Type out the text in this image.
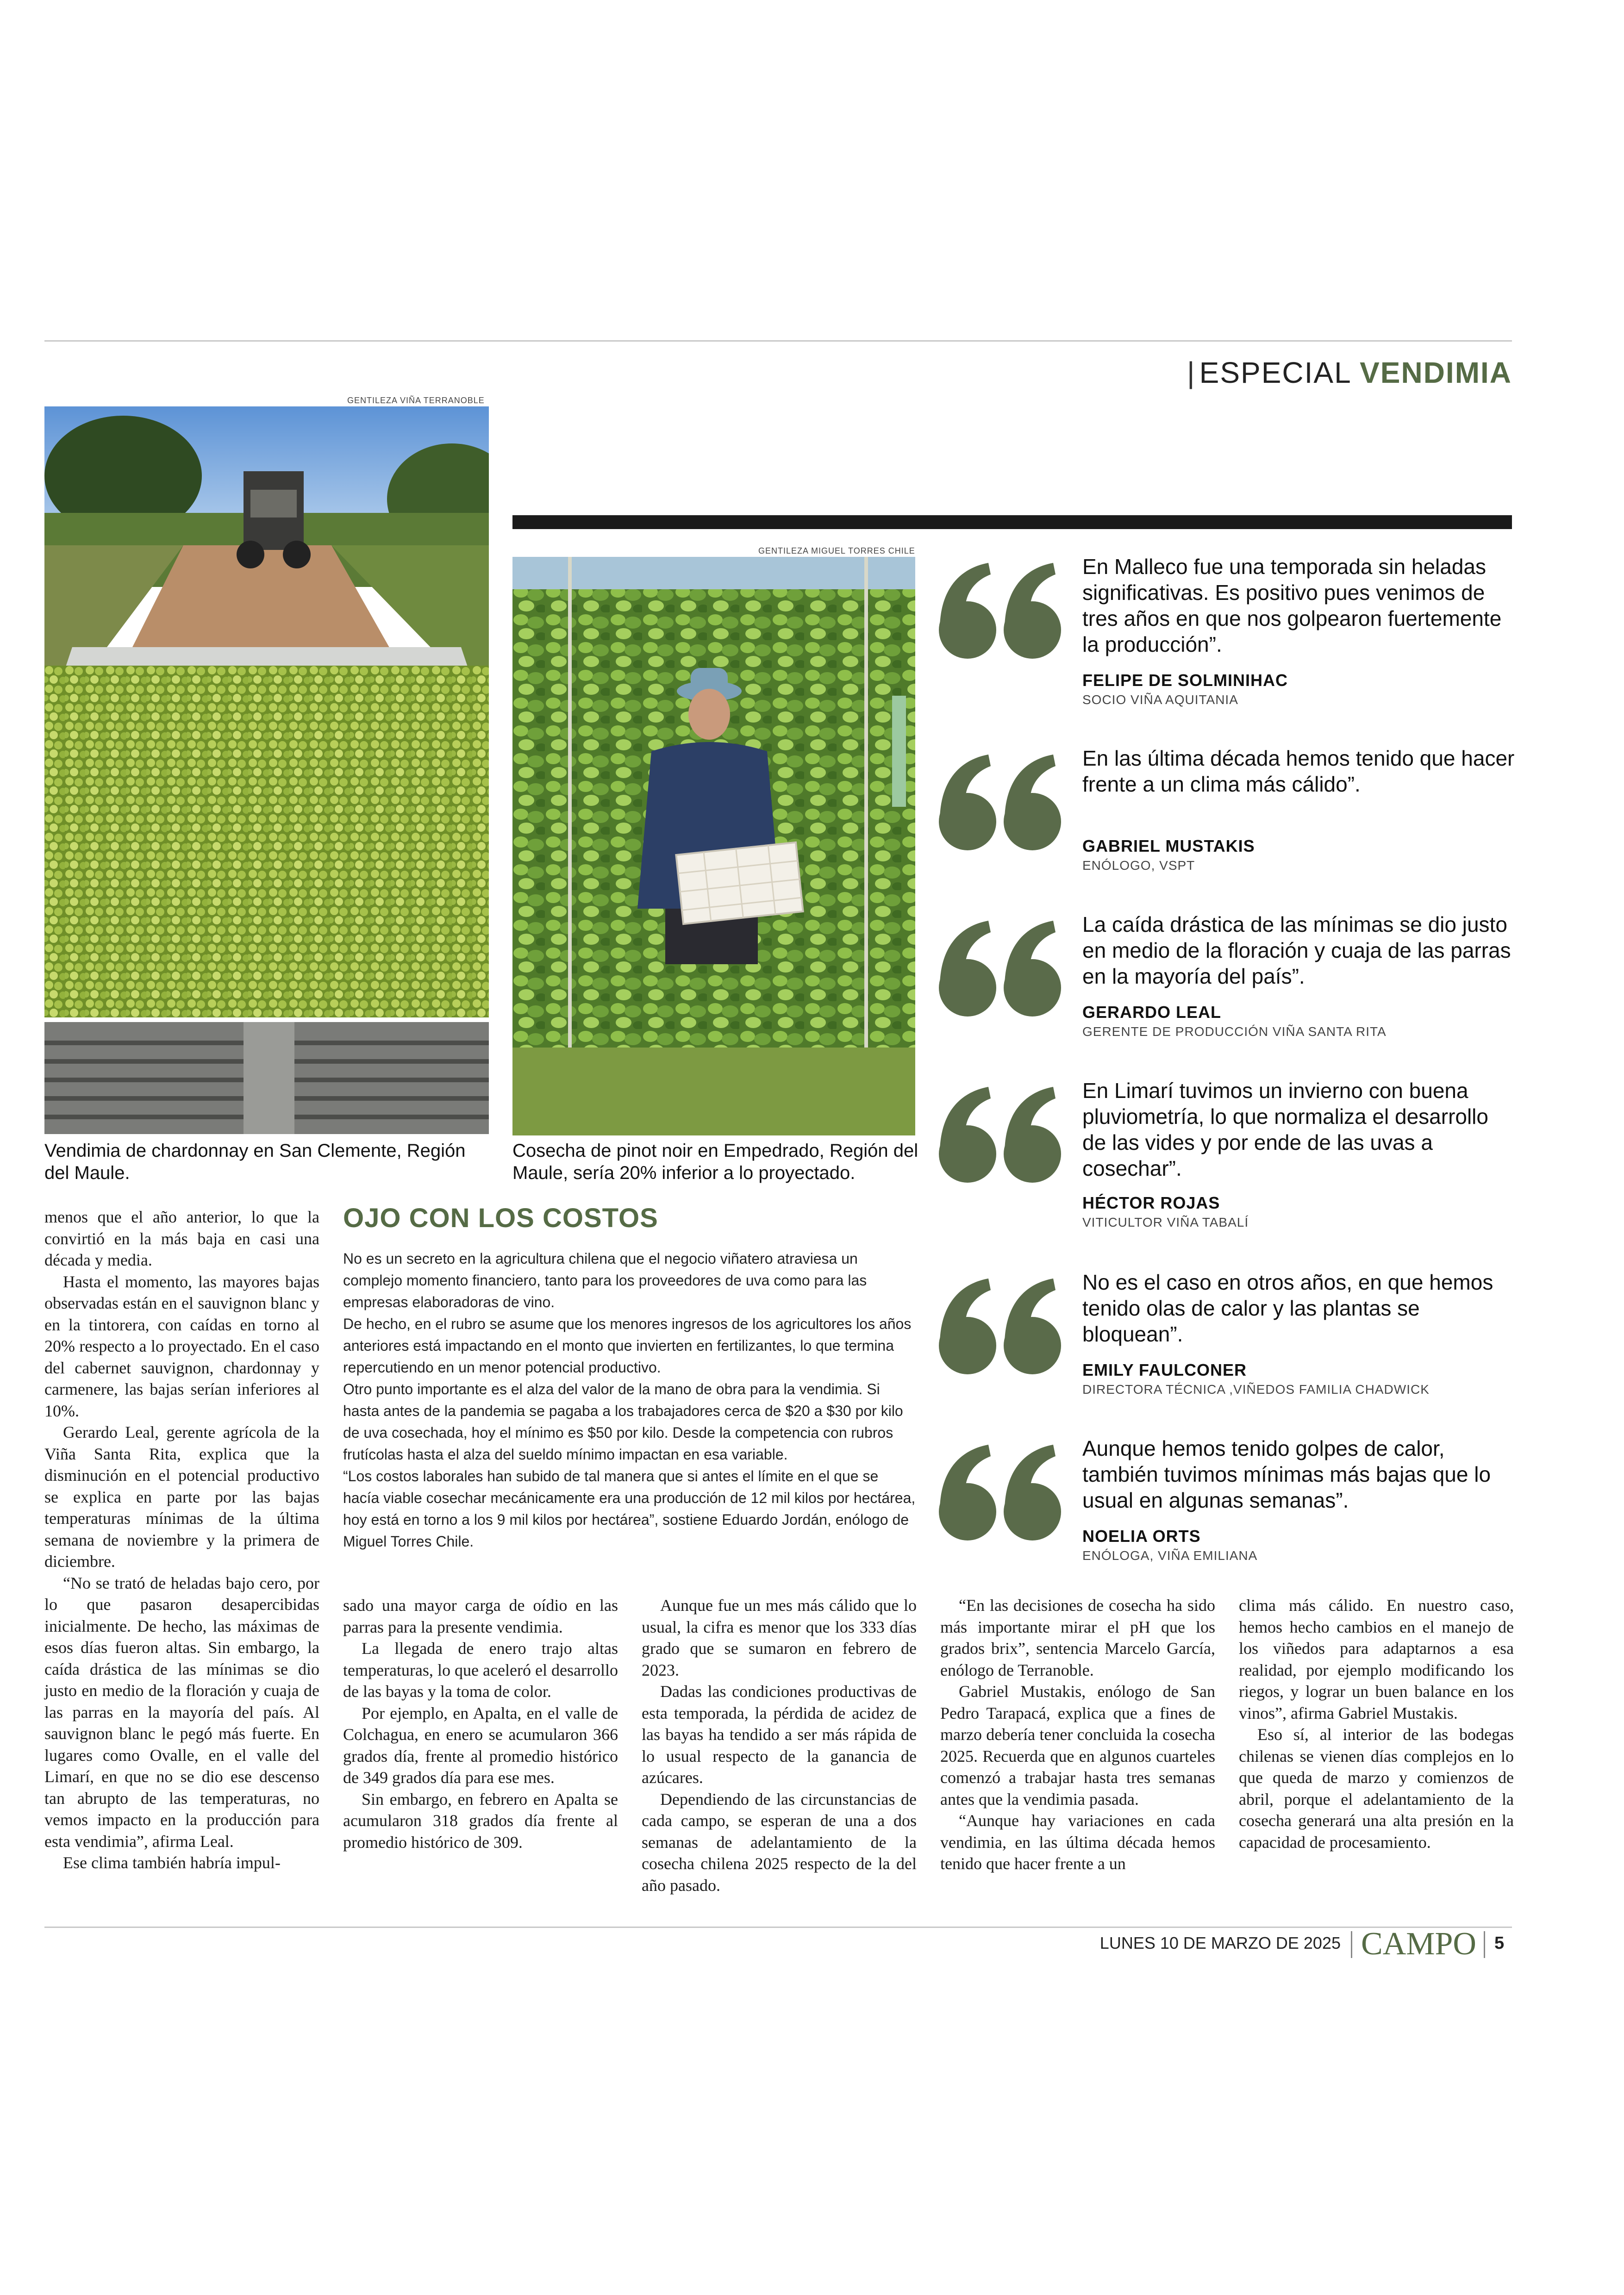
| ESPECIAL VENDIMIA
GENTILEZA VIÑA TERRANOBLE
Vendimia de chardonnay en San Clemente, Región del Maule.
GENTILEZA MIGUEL TORRES CHILE
Cosecha de pinot noir en Empedrado, Región del Maule, sería 20% inferior a lo proyectado.
En Malleco fue una temporada sin heladas significativas. Es positivo pues venimos de tres años en que nos golpearon fuertemente la producción”.
FELIPE DE SOLMINIHAC
SOCIO VIÑA AQUITANIA
En las última década hemos tenido que hacer frente a un clima más cálido”.
GABRIEL MUSTAKIS
ENÓLOGO, VSPT
La caída drástica de las mínimas se dio justo en medio de la floración y cuaja de las parras en la mayoría del país”.
GERARDO LEAL
GERENTE DE PRODUCCIÓN VIÑA SANTA RITA
En Limarí tuvimos un invierno con buena pluviometría, lo que normaliza el desarrollo de las vides y por ende de las uvas a cosechar”.
HÉCTOR ROJAS
VITICULTOR VIÑA TABALÍ
No es el caso en otros años, en que hemos tenido olas de calor y las plantas se bloquean”.
EMILY FAULCONER
DIRECTORA TÉCNICA ,VIÑEDOS FAMILIA CHADWICK
Aunque hemos tenido golpes de calor, también tuvimos mínimas más bajas que lo usual en algunas semanas”.
NOELIA ORTS
ENÓLOGA, VIÑA EMILIANA

menos que el año anterior, lo que la convirtió en la más baja en casi una década y media.

Hasta el momento, las mayores bajas observadas están en el sauvignon blanc y en la tintorera, con caídas en torno al 20% respecto a lo proyectado. En el caso del cabernet sauvignon, chardonnay y carmenere, las bajas serían inferiores al 10%.

Gerardo Leal, gerente agrícola de la Viña Santa Rita, explica que la disminución en el potencial productivo se explica en parte por las bajas temperaturas mínimas de la última semana de noviembre y la primera de diciembre.

“No se trató de heladas bajo cero, por lo que pasaron desapercibidas inicialmente. De hecho, las máximas de esos días fueron altas. Sin embargo, la caída drástica de las mínimas se dio justo en medio de la floración y cuaja de las parras en la mayoría del país. Al sauvignon blanc le pegó más fuerte. En lugares como Ovalle, en el valle del Limarí, en que no se dio ese descenso tan abrupto de las temperaturas, no vemos impacto en la producción para esta vendimia”, afirma Leal.

Ese clima también habría impul-

OJO CON LOS COSTOS

No es un secreto en la agricultura chilena que el negocio viñatero atraviesa un complejo momento financiero, tanto para los proveedores de uva como para las empresas elaboradoras de vino.

De hecho, en el rubro se asume que los menores ingresos de los agricultores los años anteriores está impactando en el monto que invierten en fertilizantes, lo que termina repercutiendo en un menor potencial productivo.

Otro punto importante es el alza del valor de la mano de obra para la vendimia. Si hasta antes de la pandemia se pagaba a los trabajadores cerca de $20 a $30 por kilo de uva cosechada, hoy el mínimo es $50 por kilo. Desde la competencia con rubros frutícolas hasta el alza del sueldo mínimo impactan en esa variable.

“Los costos laborales han subido de tal manera que si antes el límite en el que se hacía viable cosechar mecánicamente era una producción de 12 mil kilos por hectárea, hoy está en torno a los 9 mil kilos por hectárea”, sostiene Eduardo Jordán, enólogo de Miguel Torres Chile.

sado una mayor carga de oídio en las parras para la presente vendimia.

La llegada de enero trajo altas temperaturas, lo que aceleró el desarrollo de las bayas y la toma de color.

Por ejemplo, en Apalta, en el valle de Colchagua, en enero se acumularon 366 grados día, frente al promedio histórico de 349 grados día para ese mes.

Sin embargo, en febrero en Apalta se acumularon 318 grados día frente al promedio histórico de 309.

Aunque fue un mes más cálido que lo usual, la cifra es menor que los 333 días grado que se sumaron en febrero de 2023.

Dadas las condiciones productivas de esta temporada, la pérdida de acidez de las bayas ha tendido a ser más rápida de lo usual respecto de la ganancia de azúcares.

Dependiendo de las circunstancias de cada campo, se esperan de una a dos semanas de adelantamiento de la cosecha chilena 2025 respecto de la del año pasado.

“En las decisiones de cosecha ha sido más importante mirar el pH que los grados brix”, sentencia Marcelo García, enólogo de Terranoble.

Gabriel Mustakis, enólogo de San Pedro Tarapacá, explica que a fines de marzo debería tener concluida la cosecha 2025. Recuerda que en algunos cuarteles comenzó a trabajar hasta tres semanas antes que la vendimia pasada.

“Aunque hay variaciones en cada vendimia, en las última década hemos tenido que hacer frente a un

clima más cálido. En nuestro caso, hemos hecho cambios en el manejo de los viñedos para adaptarnos a esa realidad, por ejemplo modificando los riegos, y lograr un buen balance en los vinos”, afirma Gabriel Mustakis.

Eso sí, al interior de las bodegas chilenas se vienen días complejos en lo que queda de marzo y comienzos de abril, porque el adelantamiento de la cosecha generará una alta presión en la capacidad de procesamiento.

LUNES 10 DE MARZO DE 2025 CAMPO 5
